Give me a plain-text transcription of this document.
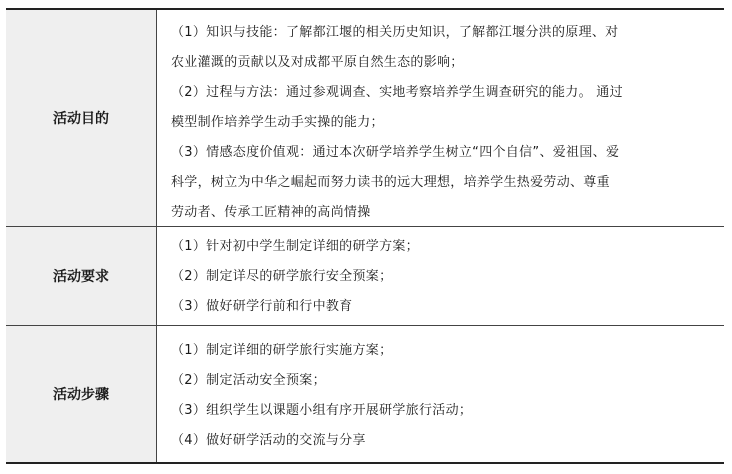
活动目的
（1）知识与技能：了解都江堰的相关历史知识，了解都江堰分洪的原理、对
农业灌溉的贡献以及对成都平原自然生态的影响；
（2）过程与方法：通过参观调查、实地考察培养学生调查研究的能力。 通过
模型制作培养学生动手实操的能力；
（3）情感态度价值观：通过本次研学培养学生树立“四个自信”、爱祖国、爱
科学，树立为中华之崛起而努力读书的远大理想，培养学生热爱劳动、尊重
劳动者、传承工匠精神的高尚情操
活动要求
（1）针对初中学生制定详细的研学方案；
（2）制定详尽的研学旅行安全预案；
（3）做好研学行前和行中教育
活动步骤
（1）制定详细的研学旅行实施方案；
（2）制定活动安全预案；
（3）组织学生以课题小组有序开展研学旅行活动；
（4）做好研学活动的交流与分享
